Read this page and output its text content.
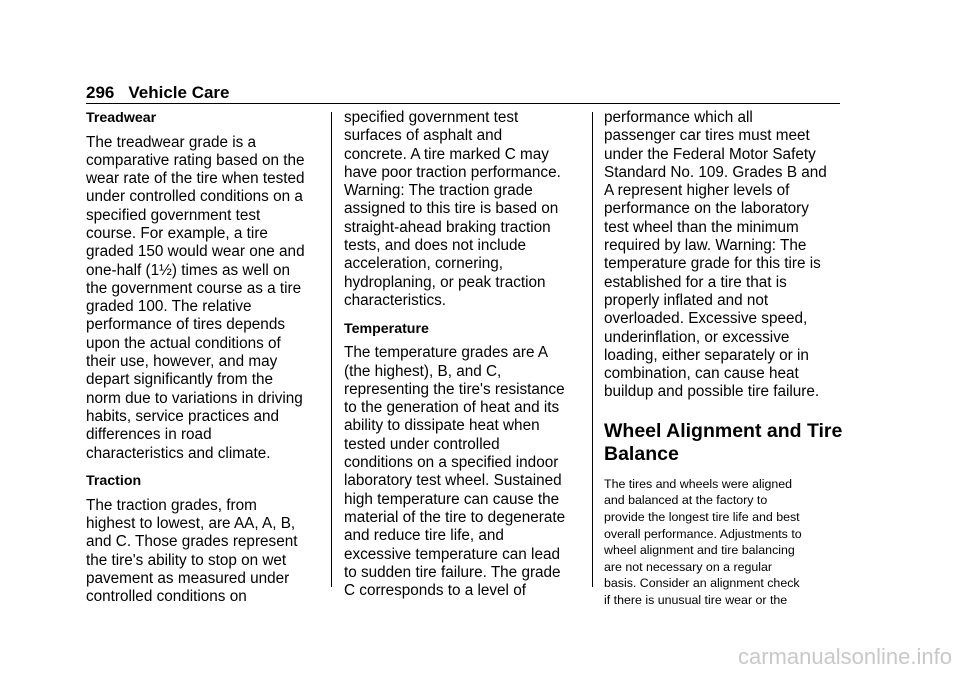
296 Vehicle Care
Treadwear

The treadwear grade is a
comparative rating based on the
wear rate of the tire when tested
under controlled conditions on a
specified government test
course. For example, a tire
graded 150 would wear one and
one-half (1½) times as well on
the government course as a tire
graded 100. The relative
performance of tires depends
upon the actual conditions of
their use, however, and may
depart significantly from the
norm due to variations in driving
habits, service practices and
differences in road
characteristics and climate.

Traction

The traction grades, from
highest to lowest, are AA, A, B,
and C. Those grades represent
the tire's ability to stop on wet
pavement as measured under
controlled conditions on

specified government test
surfaces of asphalt and
concrete. A tire marked C may
have poor traction performance.
Warning: The traction grade
assigned to this tire is based on
straight-ahead braking traction
tests, and does not include
acceleration, cornering,
hydroplaning, or peak traction
characteristics.

Temperature

The temperature grades are A
(the highest), B, and C,
representing the tire's resistance
to the generation of heat and its
ability to dissipate heat when
tested under controlled
conditions on a specified indoor
laboratory test wheel. Sustained
high temperature can cause the
material of the tire to degenerate
and reduce tire life, and
excessive temperature can lead
to sudden tire failure. The grade
C corresponds to a level of

performance which all
passenger car tires must meet
under the Federal Motor Safety
Standard No. 109. Grades B and
A represent higher levels of
performance on the laboratory
test wheel than the minimum
required by law. Warning: The
temperature grade for this tire is
established for a tire that is
properly inflated and not
overloaded. Excessive speed,
underinflation, or excessive
loading, either separately or in
combination, can cause heat
buildup and possible tire failure.

Wheel Alignment and Tire
Balance

The tires and wheels were aligned
and balanced at the factory to
provide the longest tire life and best
overall performance. Adjustments to
wheel alignment and tire balancing
are not necessary on a regular
basis. Consider an alignment check
if there is unusual tire wear or the

carmanualsonline.info
